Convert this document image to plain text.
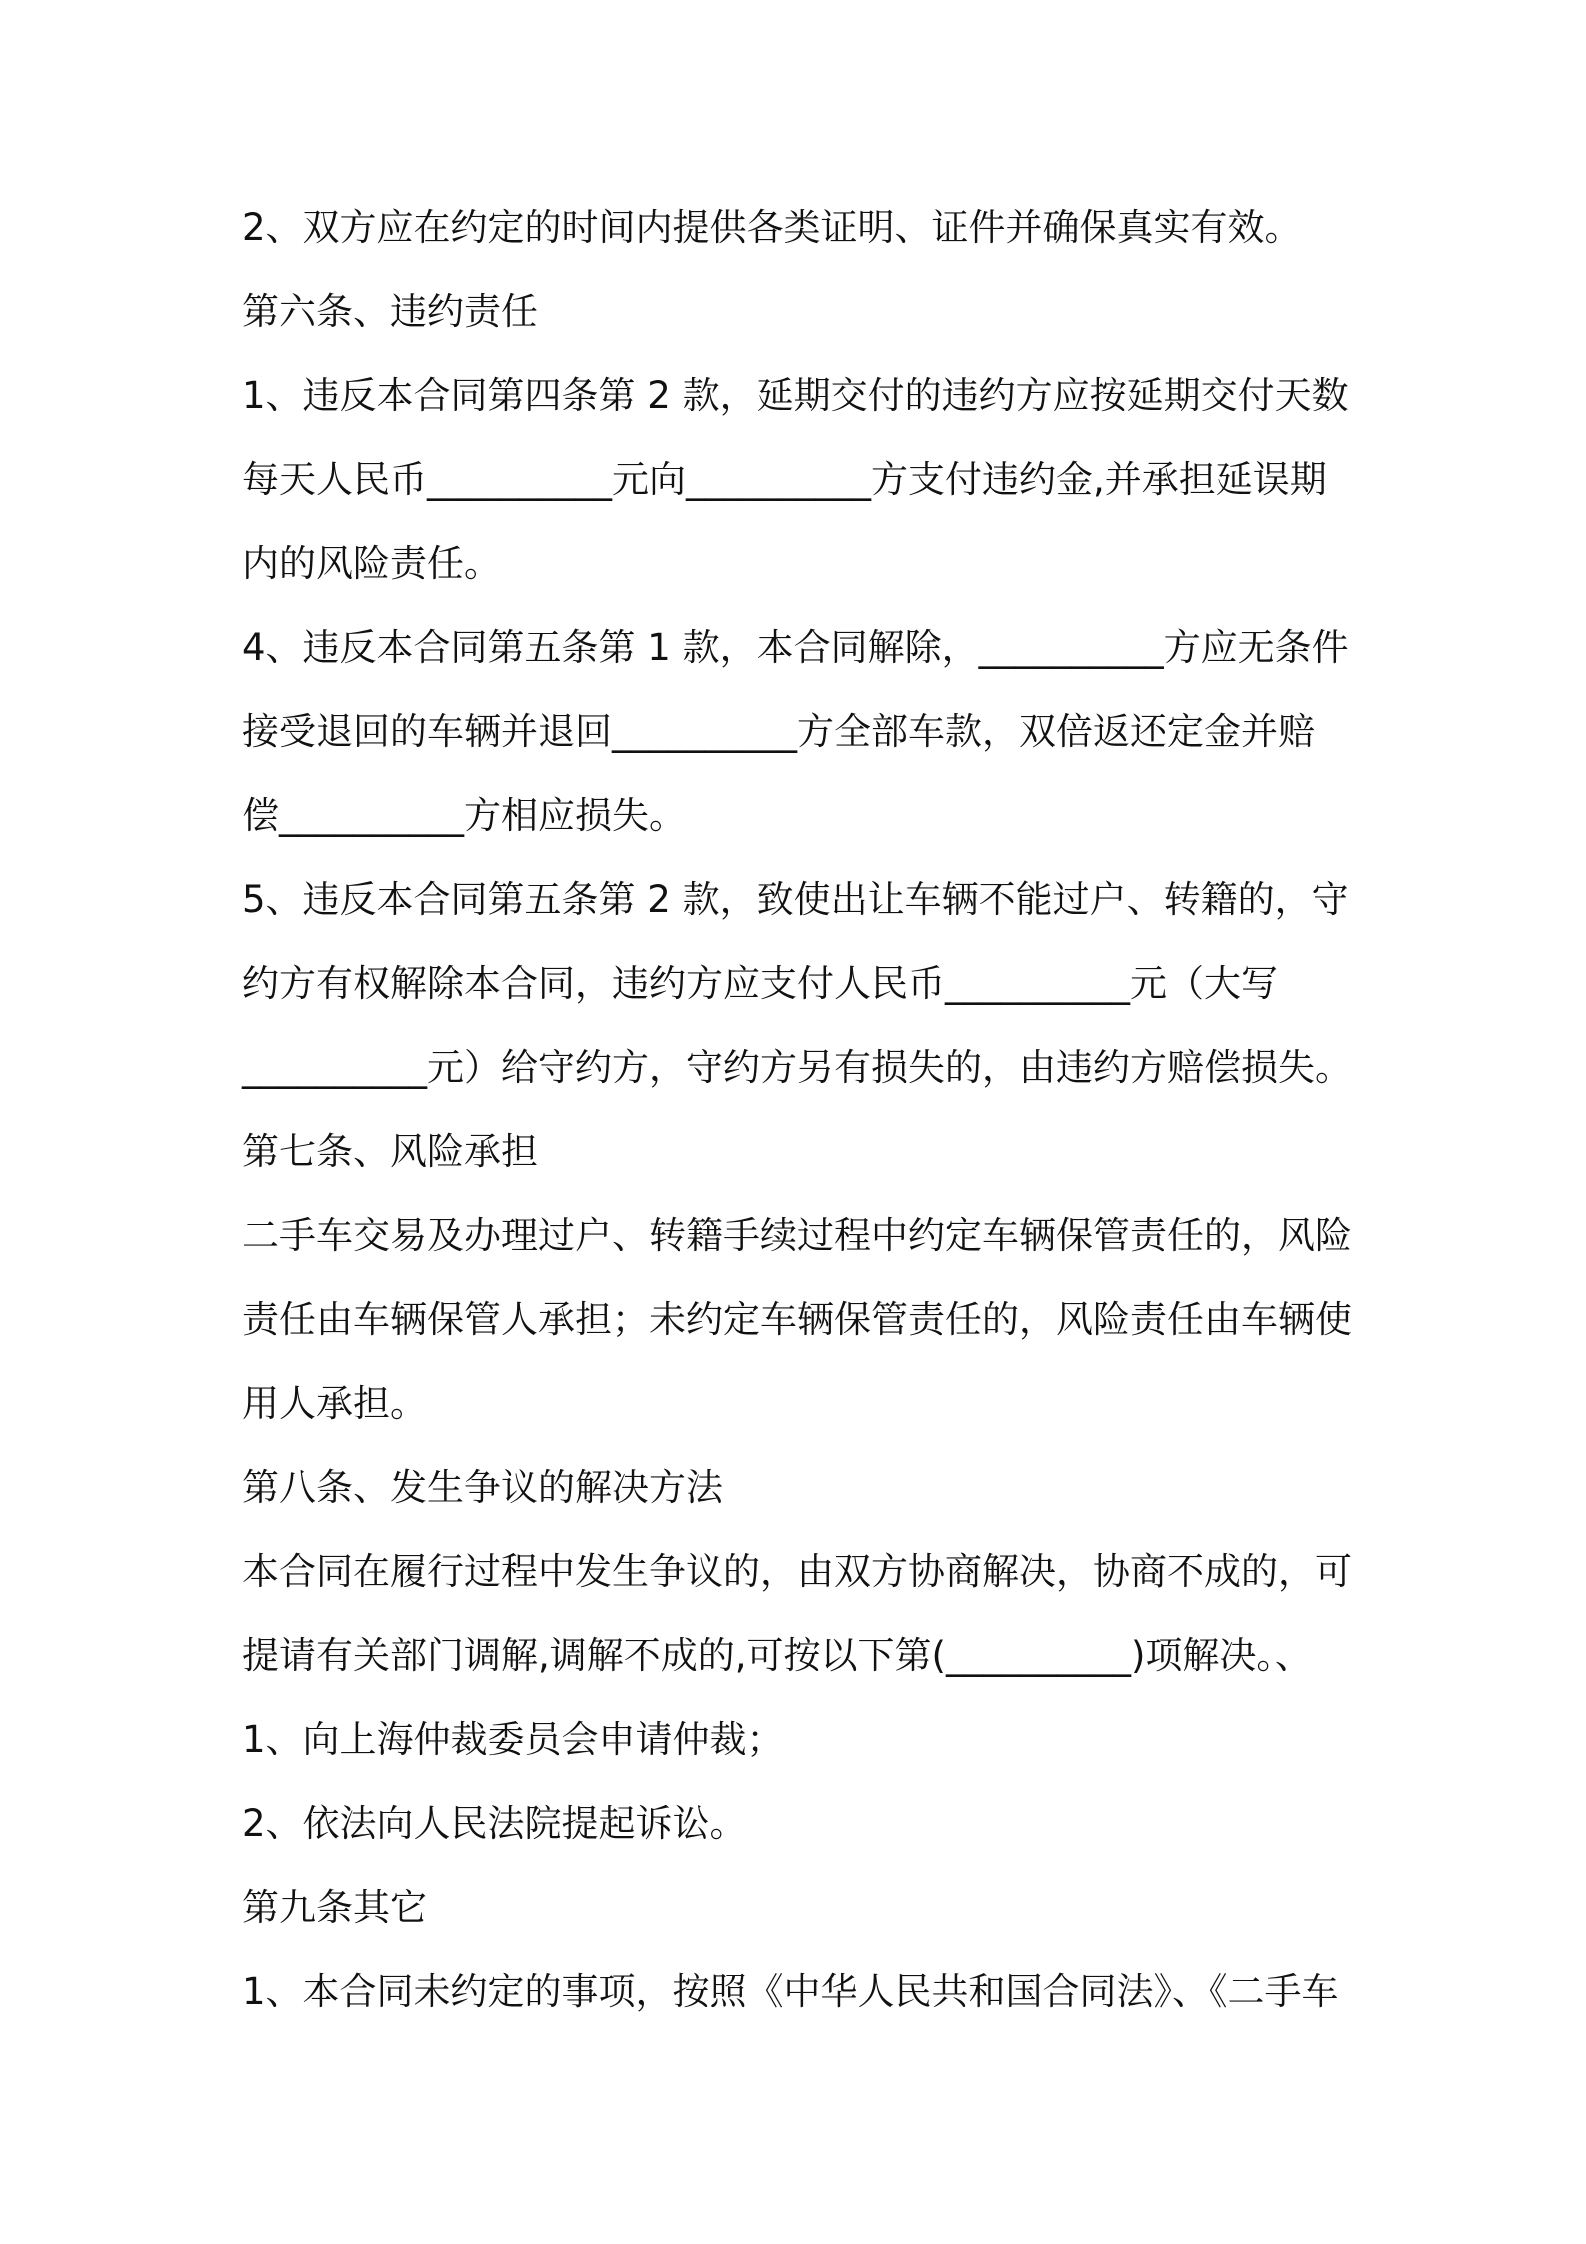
2、双方应在约定的时间内提供各类证明、证件并确保真实有效。
第六条、违约责任
1、违反本合同第四条第 2 款，延期交付的违约方应按延期交付天数
每天人民币__________元向__________方支付违约金,并承担延误期
内的风险责任。
4、违反本合同第五条第 1 款，本合同解除，__________方应无条件
接受退回的车辆并退回__________方全部车款，双倍返还定金并赔
偿__________方相应损失。
5、违反本合同第五条第 2 款，致使出让车辆不能过户、转籍的，守
约方有权解除本合同，违约方应支付人民币__________元（大写
__________元）给守约方，守约方另有损失的，由违约方赔偿损失。
第七条、风险承担
二手车交易及办理过户、转籍手续过程中约定车辆保管责任的，风险
责任由车辆保管人承担；未约定车辆保管责任的，风险责任由车辆使
用人承担。
第八条、发生争议的解决方法
本合同在履行过程中发生争议的，由双方协商解决，协商不成的，可
提请有关部门调解,调解不成的,可按以下第(__________)项解决。、
1、向上海仲裁委员会申请仲裁；
2、依法向人民法院提起诉讼。
第九条其它
1、本合同未约定的事项，按照《中华人民共和国合同法》、《二手车
